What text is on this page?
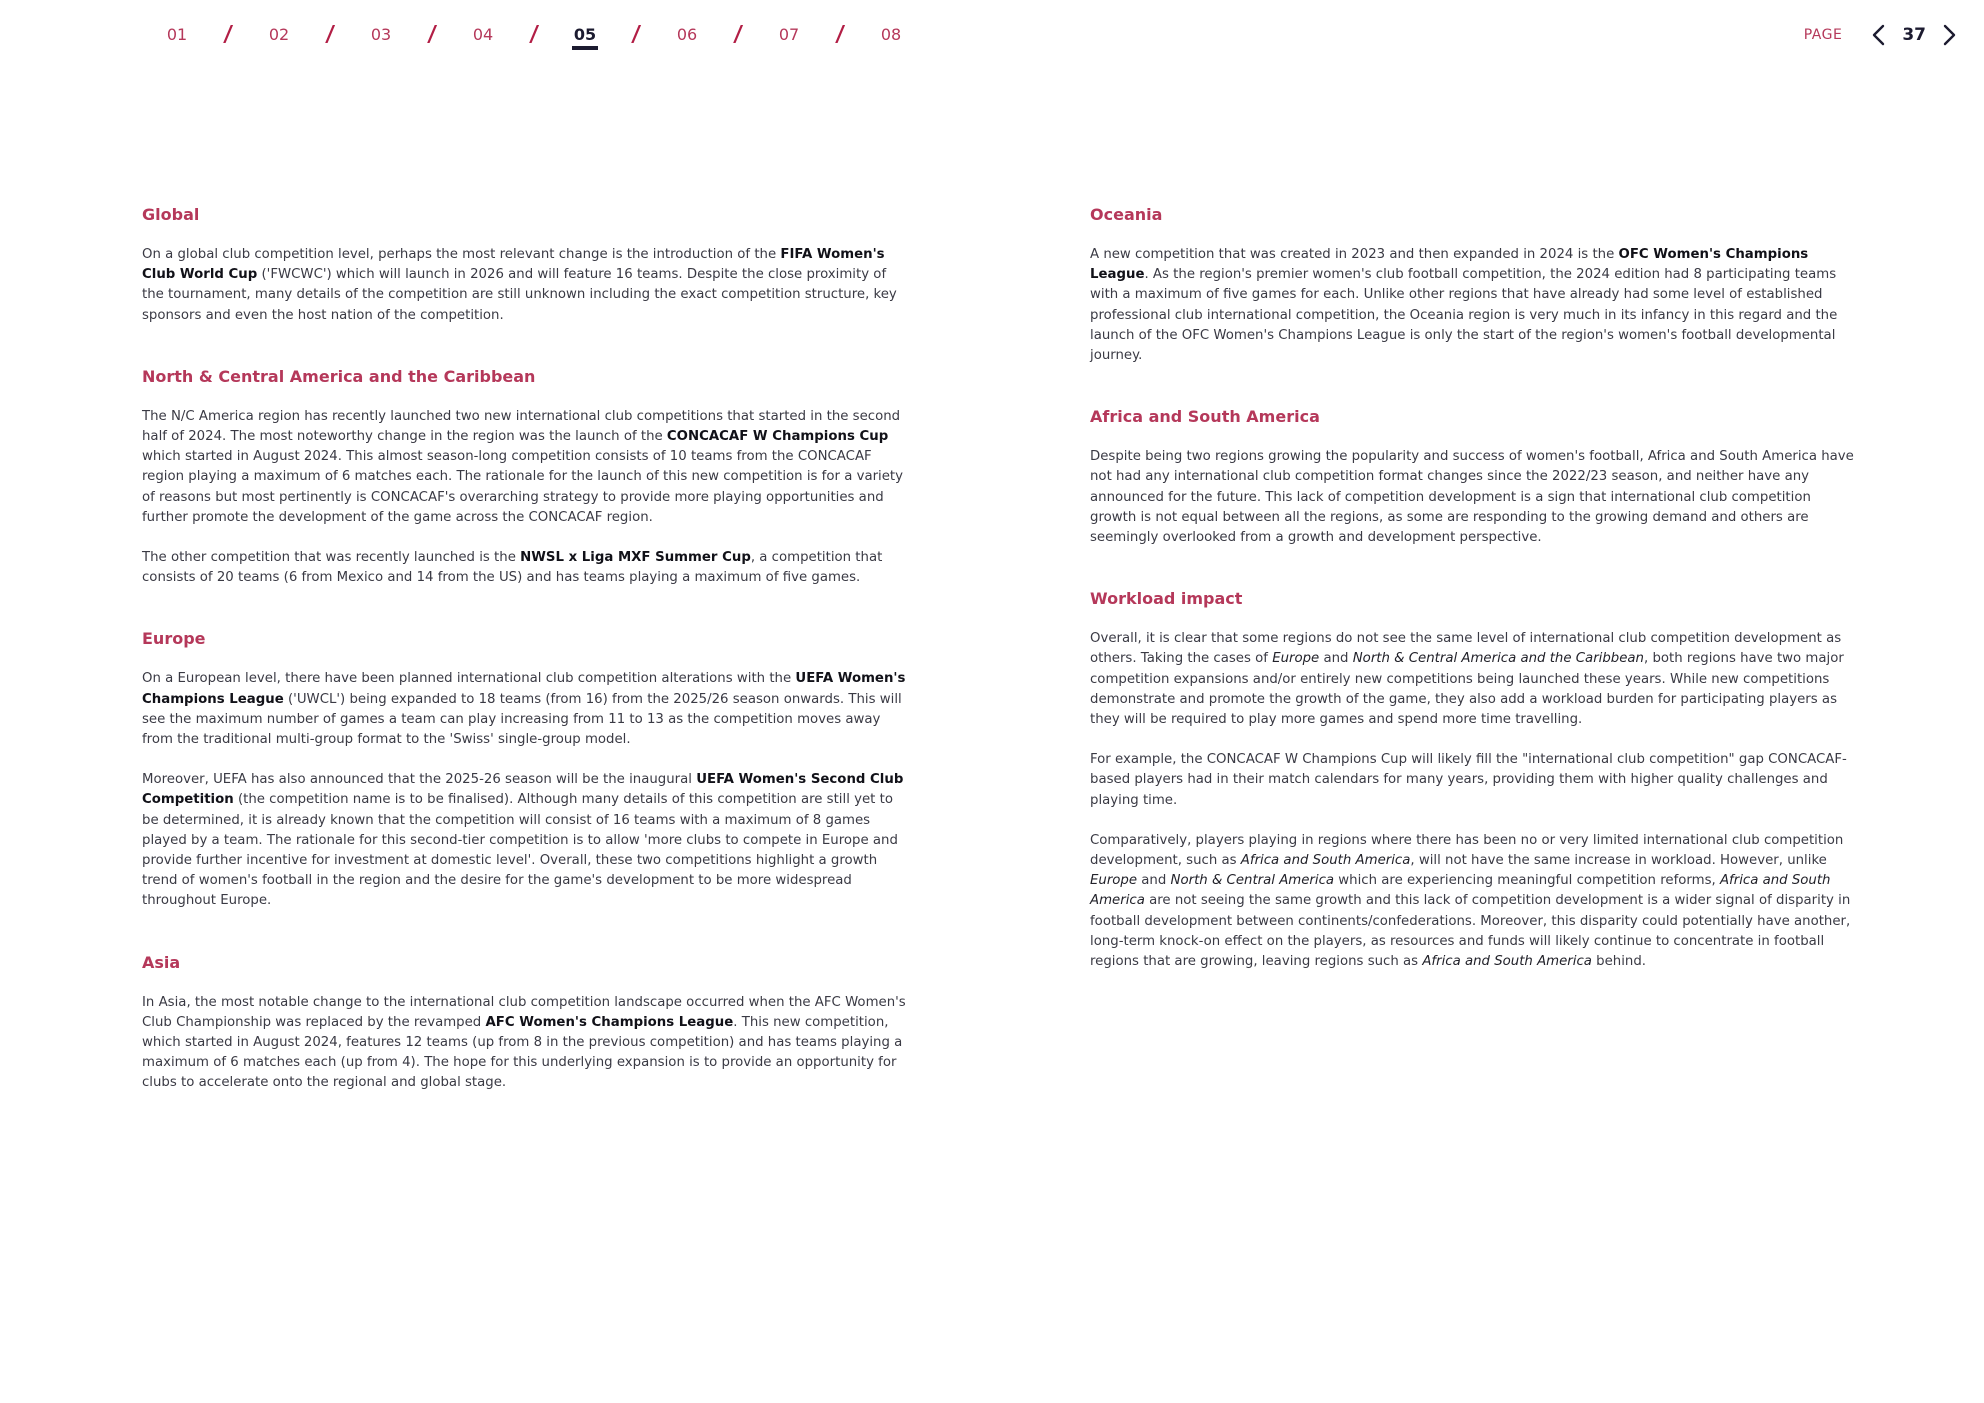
01	/	02	/	03	/	04	/	05	/	06	/	07	/	08	PAGE	37
Global

On a global club competition level, perhaps the most relevant change is the introduction of the FIFA Women's Club World Cup ('FWCWC') which will launch in 2026 and will feature 16 teams. Despite the close proximity of the tournament, many details of the competition are still unknown including the exact competition structure, key sponsors and even the host nation of the competition.

North & Central America and the Caribbean

The N/C America region has recently launched two new international club competitions that started in the second half of 2024. The most noteworthy change in the region was the launch of the CONCACAF W Champions Cup which started in August 2024. This almost season-long competition consists of 10 teams from the CONCACAF region playing a maximum of 6 matches each. The rationale for the launch of this new competition is for a variety of reasons but most pertinently is CONCACAF's overarching strategy to provide more playing opportunities and further promote the development of the game across the CONCACAF region.

The other competition that was recently launched is the NWSL x Liga MXF Summer Cup, a competition that consists of 20 teams (6 from Mexico and 14 from the US) and has teams playing a maximum of five games.

Europe

On a European level, there have been planned international club competition alterations with the UEFA Women's Champions League ('UWCL') being expanded to 18 teams (from 16) from the 2025/26 season onwards. This will see the maximum number of games a team can play increasing from 11 to 13 as the competition moves away from the traditional multi-group format to the 'Swiss' single-group model.

Moreover, UEFA has also announced that the 2025-26 season will be the inaugural UEFA Women's Second Club Competition (the competition name is to be finalised). Although many details of this competition are still yet to be determined, it is already known that the competition will consist of 16 teams with a maximum of 8 games played by a team. The rationale for this second-tier competition is to allow 'more clubs to compete in Europe and provide further incentive for investment at domestic level'. Overall, these two competitions highlight a growth trend of women's football in the region and the desire for the game's development to be more widespread throughout Europe.

Asia

In Asia, the most notable change to the international club competition landscape occurred when the AFC Women's Club Championship was replaced by the revamped AFC Women's Champions League. This new competition, which started in August 2024, features 12 teams (up from 8 in the previous competition) and has teams playing a maximum of 6 matches each (up from 4). The hope for this underlying expansion is to provide an opportunity for clubs to accelerate onto the regional and global stage.

Oceania

A new competition that was created in 2023 and then expanded in 2024 is the OFC Women's Champions League. As the region's premier women's club football competition, the 2024 edition had 8 participating teams with a maximum of five games for each. Unlike other regions that have already had some level of established professional club international competition, the Oceania region is very much in its infancy in this regard and the launch of the OFC Women's Champions League is only the start of the region's women's football developmental journey.

Africa and South America

Despite being two regions growing the popularity and success of women's football, Africa and South America have not had any international club competition format changes since the 2022/23 season, and neither have any announced for the future. This lack of competition development is a sign that international club competition growth is not equal between all the regions, as some are responding to the growing demand and others are seemingly overlooked from a growth and development perspective.

Workload impact

Overall, it is clear that some regions do not see the same level of international club competition development as others. Taking the cases of Europe and North & Central America and the Caribbean, both regions have two major competition expansions and/or entirely new competitions being launched these years. While new competitions demonstrate and promote the growth of the game, they also add a workload burden for participating players as they will be required to play more games and spend more time travelling.

For example, the CONCACAF W Champions Cup will likely fill the "international club competition" gap CONCACAF-based players had in their match calendars for many years, providing them with higher quality challenges and playing time.

Comparatively, players playing in regions where there has been no or very limited international club competition development, such as Africa and South America, will not have the same increase in workload. However, unlike Europe and North & Central America which are experiencing meaningful competition reforms, Africa and South America are not seeing the same growth and this lack of competition development is a wider signal of disparity in football development between continents/confederations. Moreover, this disparity could potentially have another, long-term knock-on effect on the players, as resources and funds will likely continue to concentrate in football regions that are growing, leaving regions such as Africa and South America behind.
